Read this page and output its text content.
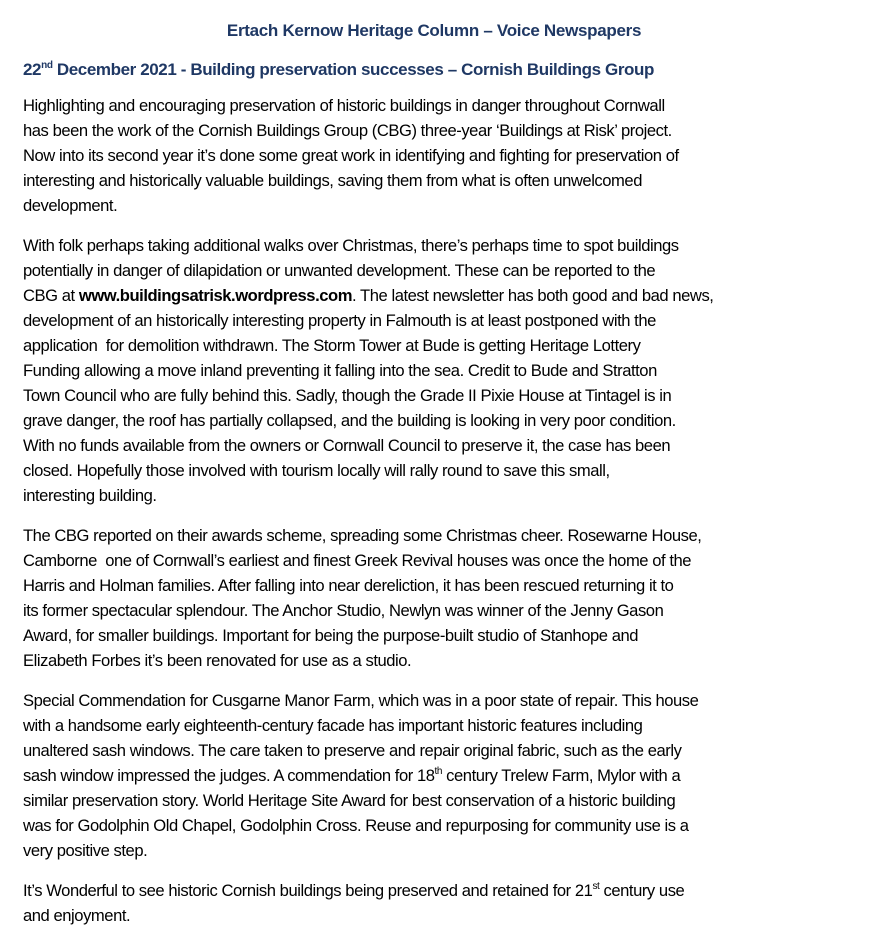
Ertach Kernow Heritage Column – Voice Newspapers
22nd December 2021 - Building preservation successes – Cornish Buildings Group

Highlighting and encouraging preservation of historic buildings in danger throughout Cornwall
has been the work of the Cornish Buildings Group (CBG) three-year ‘Buildings at Risk’ project.
Now into its second year it’s done some great work in identifying and fighting for preservation of
interesting and historically valuable buildings, saving them from what is often unwelcomed
development.

With folk perhaps taking additional walks over Christmas, there’s perhaps time to spot buildings
potentially in danger of dilapidation or unwanted development. These can be reported to the
CBG at www.buildingsatrisk.wordpress.com. The latest newsletter has both good and bad news,
development of an historically interesting property in Falmouth is at least postponed with the
application  for demolition withdrawn. The Storm Tower at Bude is getting Heritage Lottery
Funding allowing a move inland preventing it falling into the sea. Credit to Bude and Stratton
Town Council who are fully behind this. Sadly, though the Grade II Pixie House at Tintagel is in
grave danger, the roof has partially collapsed, and the building is looking in very poor condition.
With no funds available from the owners or Cornwall Council to preserve it, the case has been
closed. Hopefully those involved with tourism locally will rally round to save this small,
interesting building.

The CBG reported on their awards scheme, spreading some Christmas cheer. Rosewarne House,
Camborne  one of Cornwall’s earliest and finest Greek Revival houses was once the home of the
Harris and Holman families. After falling into near dereliction, it has been rescued returning it to
its former spectacular splendour. The Anchor Studio, Newlyn was winner of the Jenny Gason
Award, for smaller buildings. Important for being the purpose-built studio of Stanhope and
Elizabeth Forbes it’s been renovated for use as a studio.

Special Commendation for Cusgarne Manor Farm, which was in a poor state of repair. This house
with a handsome early eighteenth-century facade has important historic features including
unaltered sash windows. The care taken to preserve and repair original fabric, such as the early
sash window impressed the judges. A commendation for 18th century Trelew Farm, Mylor with a
similar preservation story. World Heritage Site Award for best conservation of a historic building
was for Godolphin Old Chapel, Godolphin Cross. Reuse and repurposing for community use is a
very positive step.

It’s Wonderful to see historic Cornish buildings being preserved and retained for 21st century use
and enjoyment.
